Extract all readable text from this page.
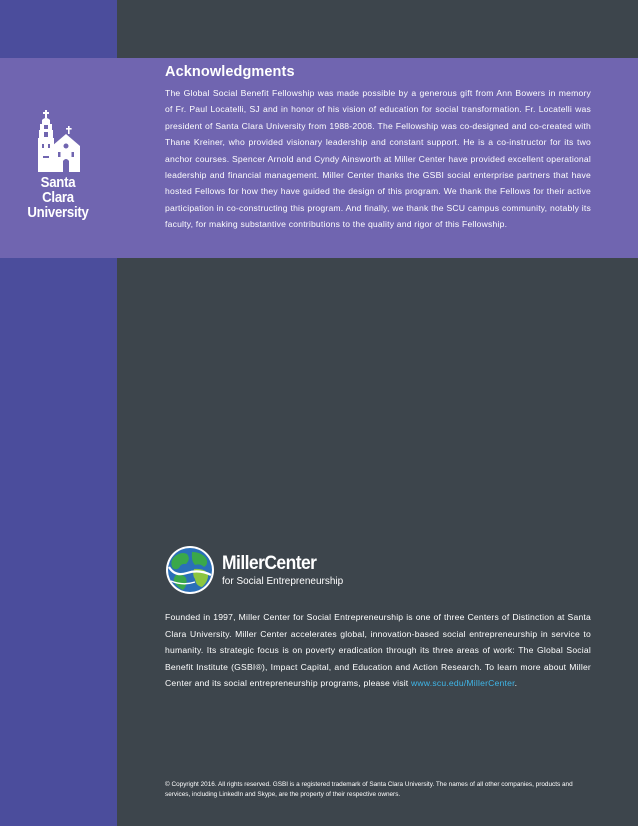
Santa Clara
University
Acknowledgments

The Global Social Benefit Fellowship was made possible by a generous gift from Ann Bowers in memory of Fr. Paul Locatelli, SJ and in honor of his vision of education for social transformation. Fr. Locatelli was president of Santa Clara University from 1988-2008. The Fellowship was co-designed and co-created with Thane Kreiner, who provided visionary leadership and constant support. He is a co-instructor for its two anchor courses. Spencer Arnold and Cyndy Ainsworth at Miller Center have provided excellent operational leadership and financial management. Miller Center thanks the GSBI social enterprise partners that have hosted Fellows for how they have guided the design of this program. We thank the Fellows for their active participation in co-constructing this program. And finally, we thank the SCU campus community, notably its faculty, for making substantive contributions to the quality and rigor of this Fellowship.

MillerCenter
for Social Entrepreneurship

Founded in 1997, Miller Center for Social Entrepreneurship is one of three Centers of Distinction at Santa Clara University. Miller Center accelerates global, innovation-based social entrepreneurship in service to humanity. Its strategic focus is on poverty eradication through its three areas of work: The Global Social Benefit Institute (GSBI®), Impact Capital, and Education and Action Research. To learn more about Miller Center and its social entrepreneurship programs, please visit www.scu.edu/MillerCenter.

© Copyright 2016. All rights reserved. GSBI is a registered trademark of Santa Clara University. The names of all other companies, products and services, including LinkedIn and Skype, are the property of their respective owners.
